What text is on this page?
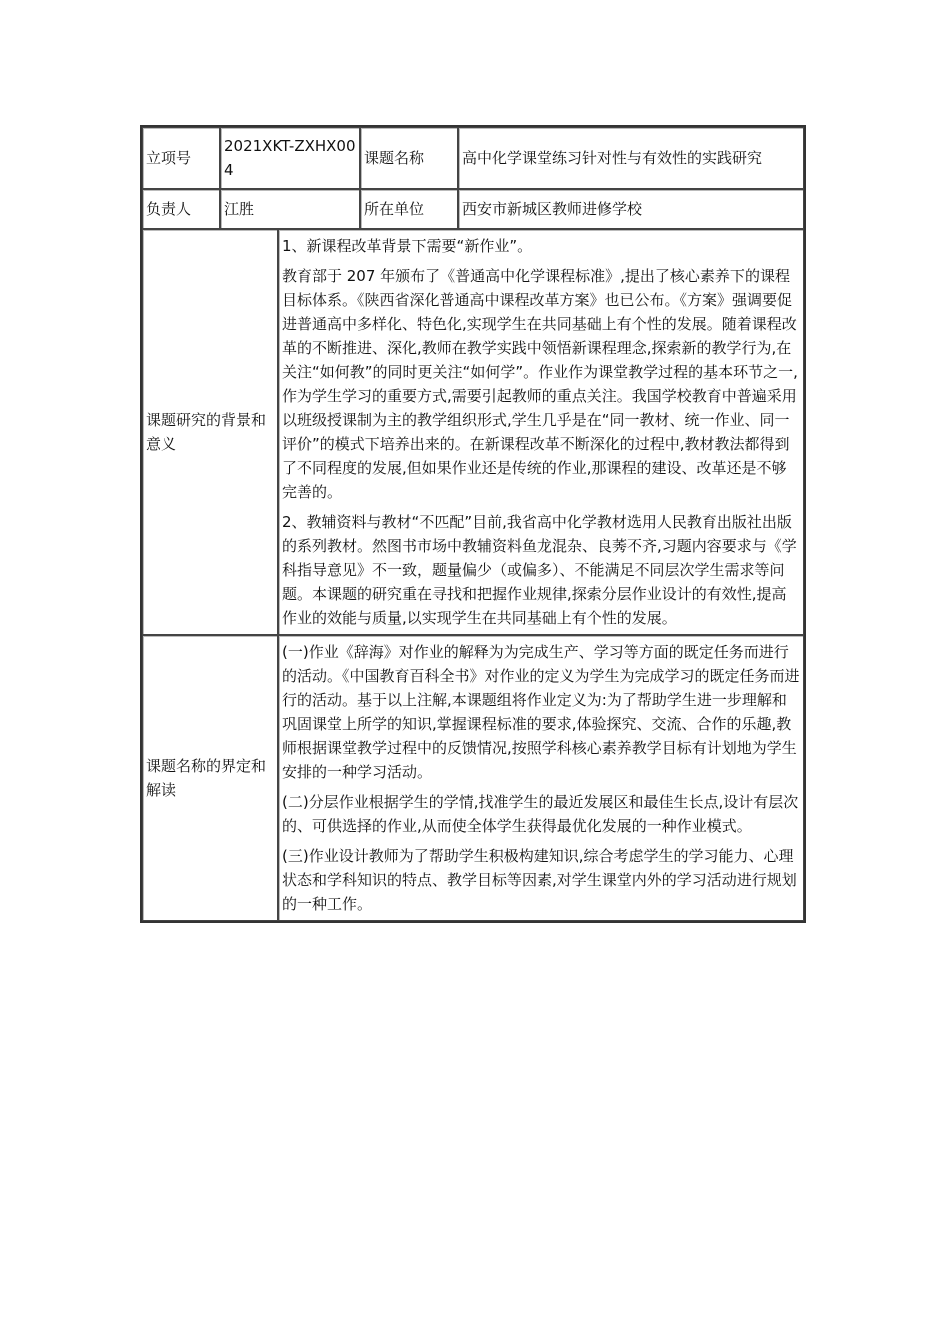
立项号	2021XKT-ZXHX004		课题名称	高中化学课堂练习针对性与有效性的实践研究
负责人	江胜		所在单位	西安市新城区教师进修学校
课题研究的背景和意义		1、新课程改革背景下需要“新作业”。

教育部于 207 年颁布了《普通高中化学课程标准》,提出了核心素养下的课程目标体系。《陕西省深化普通高中课程改革方案》也已公布。《方案》强调要促进普通高中多样化、特色化,实现学生在共同基础上有个性的发展。随着课程改革的不断推进、深化,教师在教学实践中领悟新课程理念,探索新的教学行为,在关注“如何教”的同时更关注“如何学”。作业作为课堂教学过程的基本环节之一,作为学生学习的重要方式,需要引起教师的重点关注。我国学校教育中普遍采用以班级授课制为主的教学组织形式,学生几乎是在“同一教材、统一作业、同一评价”的模式下培养出来的。在新课程改革不断深化的过程中,教材教法都得到了不同程度的发展,但如果作业还是传统的作业,那课程的建设、改革还是不够完善的。

2、教辅资料与教材“不匹配”目前,我省高中化学教材选用人民教育出版社出版的系列教材。然图书市场中教辅资料鱼龙混杂、良莠不齐,习题内容要求与《学科指导意见》不一致，题量偏少（或偏多）、不能满足不同层次学生需求等问题。本课题的研究重在寻找和把握作业规律,探索分层作业设计的有效性,提高作业的效能与质量,以实现学生在共同基础上有个性的发展。		

课题名称的界定和解读		(一)作业《辞海》对作业的解释为为完成生产、学习等方面的既定任务而进行的活动。《中国教育百科全书》对作业的定义为学生为完成学习的既定任务而进行的活动。基于以上注解,本课题组将作业定义为:为了帮助学生进一步理解和巩固课堂上所学的知识,掌握课程标准的要求,体验探究、交流、合作的乐趣,教师根据课堂教学过程中的反馈情况,按照学科核心素养教学目标有计划地为学生安排的一种学习活动。

(二)分层作业根据学生的学情,找准学生的最近发展区和最佳生长点,设计有层次的、可供选择的作业,从而使全体学生获得最优化发展的一种作业模式。

(三)作业设计教师为了帮助学生积极构建知识,综合考虑学生的学习能力、心理状态和学科知识的特点、教学目标等因素,对学生课堂内外的学习活动进行规划的一种工作。		
